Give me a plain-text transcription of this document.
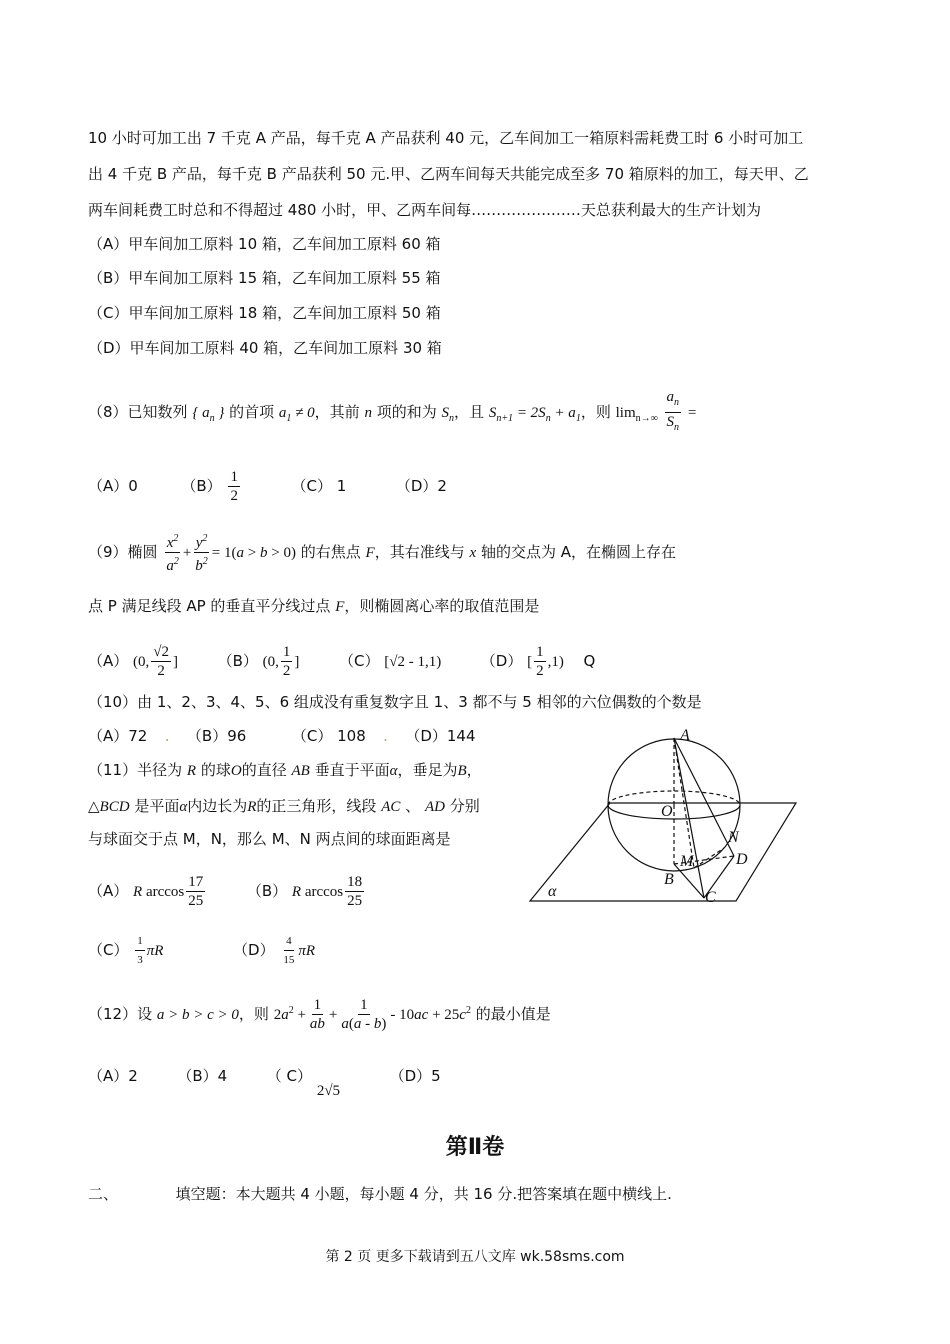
10 小时可加工出 7 千克 A 产品，每千克 A 产品获利 40 元，乙车间加工一箱原料需耗费工时 6 小时可加工
出 4 千克 B 产品，每千克 B 产品获利 50 元.甲、乙两车间每天共能完成至多 70 箱原料的加工，每天甲、乙
两车间耗费工时总和不得超过 480 小时，甲、乙两车间每…………….……天总获利最大的生产计划为
（A）甲车间加工原料 10 箱，乙车间加工原料 60 箱
（B）甲车间加工原料 15 箱，乙车间加工原料 55 箱
（C）甲车间加工原料 18 箱，乙车间加工原料 50 箱
（D）甲车间加工原料 40 箱，乙车间加工原料 30 箱
（8）已知数列 { $a_n$ } 的首项 $a_1 \ne 0$，其前 n 项的和为 $S_n$，且 $S_{n+1} = 2S_n + a_1$，则 $\lim_{n\to\infty} \frac{a_n}{S_n}$ =
（A）0	$(B) \frac{1}{2}$	（C） 1	（D）2
（9）椭圆 $\frac{x^2}{a^2} + \frac{y^2}{b^2} = 1(a > b > 0)$ 的右焦点 F，其右准线与 x 轴的交点为 A，在椭圆上存在
点 P 满足线段 AP 的垂直平分线过点 F，则椭圆离心率的取值范围是
（A） (0, $\frac{√2}{2}$ ]	（B） (0, $\frac{1}{2}$ ]	（C） [√2 - 1,1)	（D） [ $\frac{1}{2} ,1$) Q
（10）由 1、2、3、4、5、6 组成没有重复数字且 1、3 都不与 5 相邻的六位偶数的个数是
（A）72 . （B）96	（C） 108 . （D）144
（11）半径为 R 的球O的直径 AB 垂直于平面α，垂足为B，
△BCD 是平面α内边长为R的正三角形，线段 AC 、 AD 分别
与球面交于点 M，N，那么 M、N 两点间的球面距离是
（A） R $\arccos \frac{17}{25}$	（B） R $\arccos \frac{18}{25}$
$(C) \frac{1}{3}$ πR	$(D) \frac{4}{15}$ πR
A
O
N
M	D
B
C
α
（12）设 a > b > c > 0，则 $2a^2 + \frac{1}{ab} + \frac{1}{a(a - b)} - 10ac + 25c^2$ 的最小值是
（A）2	（B）4	（ C） 2√5  （D）5
第Ⅱ卷
二、	填空题：本大题共 4 小题，每小题 4 分，共 16 分.把答案填在题中横线上.
第 2 页 更多下载请到五八文库 wk.58sms.com
